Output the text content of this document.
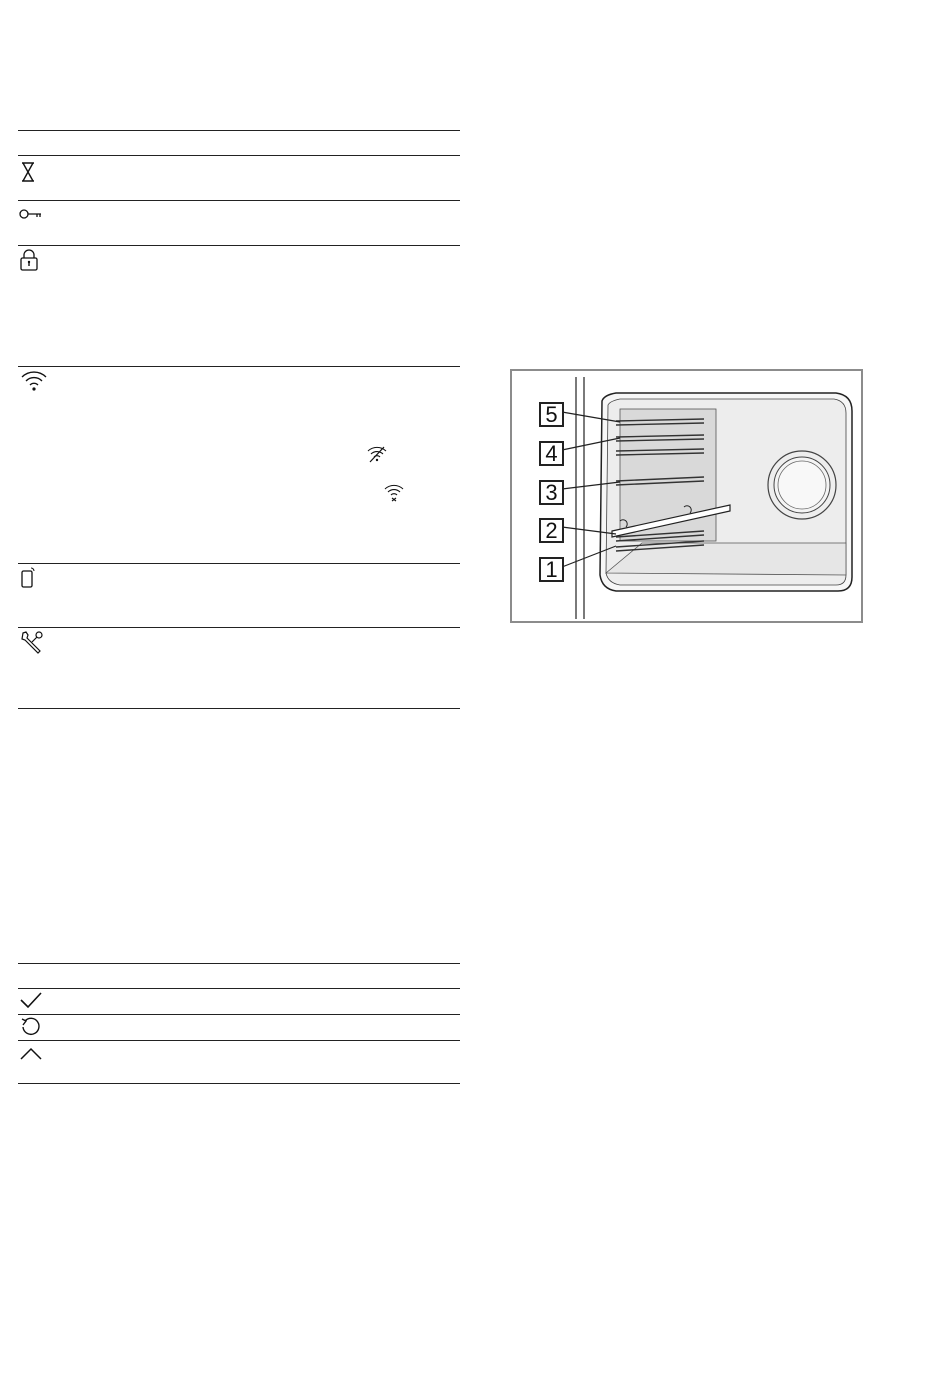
5
4
3
2
1
